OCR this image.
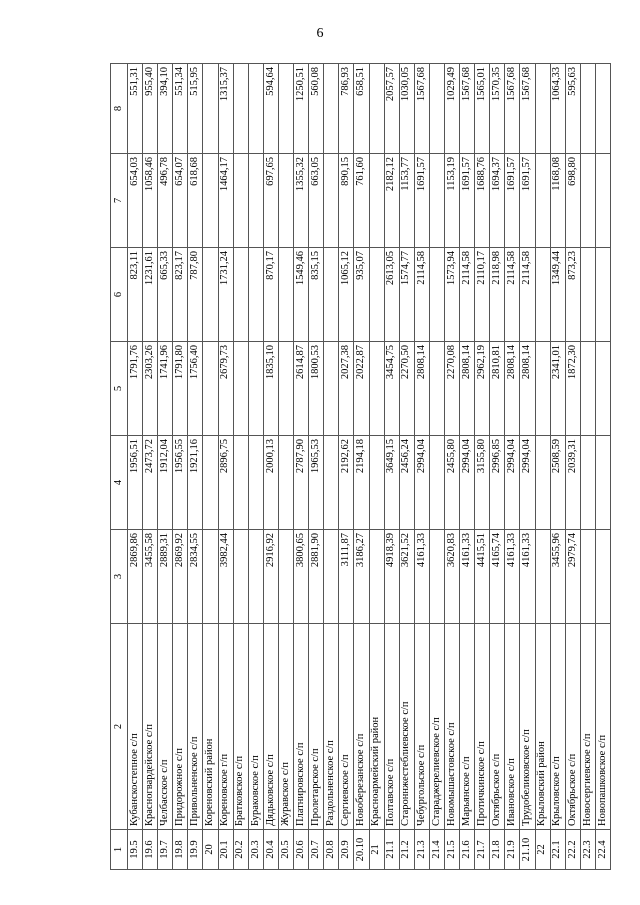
6
1	2	3	4	5	6	7	8
19.5	Кубанскостепное с/п	2869,86	1956,51	1791,76	823,11	654,03	551,31
19.6	Красногвардейское с/п	3455,58	2473,72	2303,26	1231,61	1058,46	955,40
19.7	Челбасское с/п	2889,31	1912,04	1741,96	665,33	496,78	394,10
19.8	Придорожное с/п	2869,92	1956,55	1791,80	823,17	654,07	551,34
19.9	Привольненское с/п	2834,55	1921,16	1756,40	787,80	618,68	515,95
20	Кореновский район						
20.1	Кореновское г/п	3982,44	2896,75	2679,73	1731,24	1464,17	1315,37
20.2	Братковское с/п						
20.3	Бураковское с/п						
20.4	Дядьковское с/п	2916,92	2000,13	1835,10	870,17	697,65	594,64
20.5	Журавское с/п						
20.6	Платнировское с/п	3800,65	2787,90	2614,87	1549,46	1355,32	1250,51
20.7	Пролетарское с/п	2881,90	1965,53	1800,53	835,15	663,05	560,08
20.8	Раздольненское с/п						
20.9	Сергиевское с/п	3111,87	2192,62	2027,38	1065,12	890,15	786,93
20.10	Новоберезанское с/п	3186,27	2194,18	2022,87	935,07	761,60	658,51
21	Красноармейский район						
21.1	Полтавское с/п	4918,39	3649,15	3454,75	2613,05	2182,12	2057,57
21.2	Староннжестеблиевское с/п	3621,52	2456,24	2270,50	1574,77	1153,77	1030,05
21.3	Чебургольское с/п	4161,33	2994,04	2808,14	2114,58	1691,57	1567,68
21.4	Стараджерелиевское с/п						
21.5	Новомышастовское с/п	3620,83	2455,80	2270,08	1573,94	1153,19	1029,49
21.6	Марьянское с/п	4161,33	2994,04	2808,14	2114,58	1691,57	1567,68
21.7	Протичкинское с/п	4415,51	3155,80	2962,19	2110,17	1688,76	1565,01
21.8	Октябрьское с/п	4165,74	2996,85	2810,81	2118,98	1694,37	1570,35
21.9	Ивановское с/п	4161,33	2994,04	2808,14	2114,58	1691,57	1567,68
21.10	Трудобеликовское с/п	4161,33	2994,04	2808,14	2114,58	1691,57	1567,68
22	Крыловский район						
22.1	Крыловское с/п	3455,96	2508,59	2341,01	1349,44	1168,08	1064,33
22.2	Октябрьское с/п	2979,74	2039,31	1872,30	873,23	698,80	595,63
22.3	Новосергиевское с/п						
22.4	Новопашковское с/п						
